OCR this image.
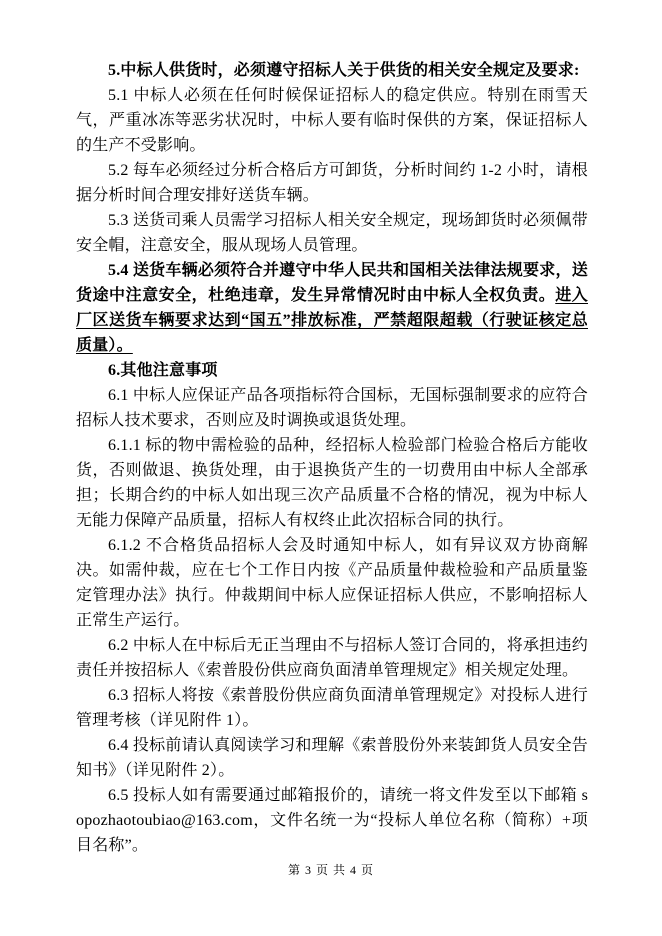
5.中标人供货时，必须遵守招标人关于供货的相关安全规定及要求:

5.1 中标人必须在任何时候保证招标人的稳定供应。特别在雨雪天气，严重冰冻等恶劣状况时，中标人要有临时保供的方案，保证招标人的生产不受影响。

5.2 每车必须经过分析合格后方可卸货，分析时间约 1-2 小时，请根据分析时间合理安排好送货车辆。

5.3 送货司乘人员需学习招标人相关安全规定，现场卸货时必须佩带安全帽，注意安全，服从现场人员管理。

5.4 送货车辆必须符合并遵守中华人民共和国相关法律法规要求，送货途中注意安全，杜绝违章，发生异常情况时由中标人全权负责。进入厂区送货车辆要求达到“国五”排放标准，严禁超限超载（行驶证核定总质量）。

6.其他注意事项

6.1 中标人应保证产品各项指标符合国标，无国标强制要求的应符合招标人技术要求，否则应及时调换或退货处理。

6.1.1 标的物中需检验的品种，经招标人检验部门检验合格后方能收货，否则做退、换货处理，由于退换货产生的一切费用由中标人全部承担；长期合约的中标人如出现三次产品质量不合格的情况，视为中标人无能力保障产品质量，招标人有权终止此次招标合同的执行。

6.1.2 不合格货品招标人会及时通知中标人，如有异议双方协商解决。如需仲裁，应在七个工作日内按《产品质量仲裁检验和产品质量鉴定管理办法》执行。仲裁期间中标人应保证招标人供应，不影响招标人正常生产运行。

6.2 中标人在中标后无正当理由不与招标人签订合同的，将承担违约责任并按招标人《索普股份供应商负面清单管理规定》相关规定处理。

6.3 招标人将按《索普股份供应商负面清单管理规定》对投标人进行管理考核（详见附件 1）。

6.4 投标前请认真阅读学习和理解《索普股份外来装卸货人员安全告知书》（详见附件 2）。

6.5 投标人如有需要通过邮箱报价的，请统一将文件发至以下邮箱 sopozhaotoubiao@163.com，文件名统一为“投标人单位名称（简称）+项目名称”。

第 3 页 共 4 页
